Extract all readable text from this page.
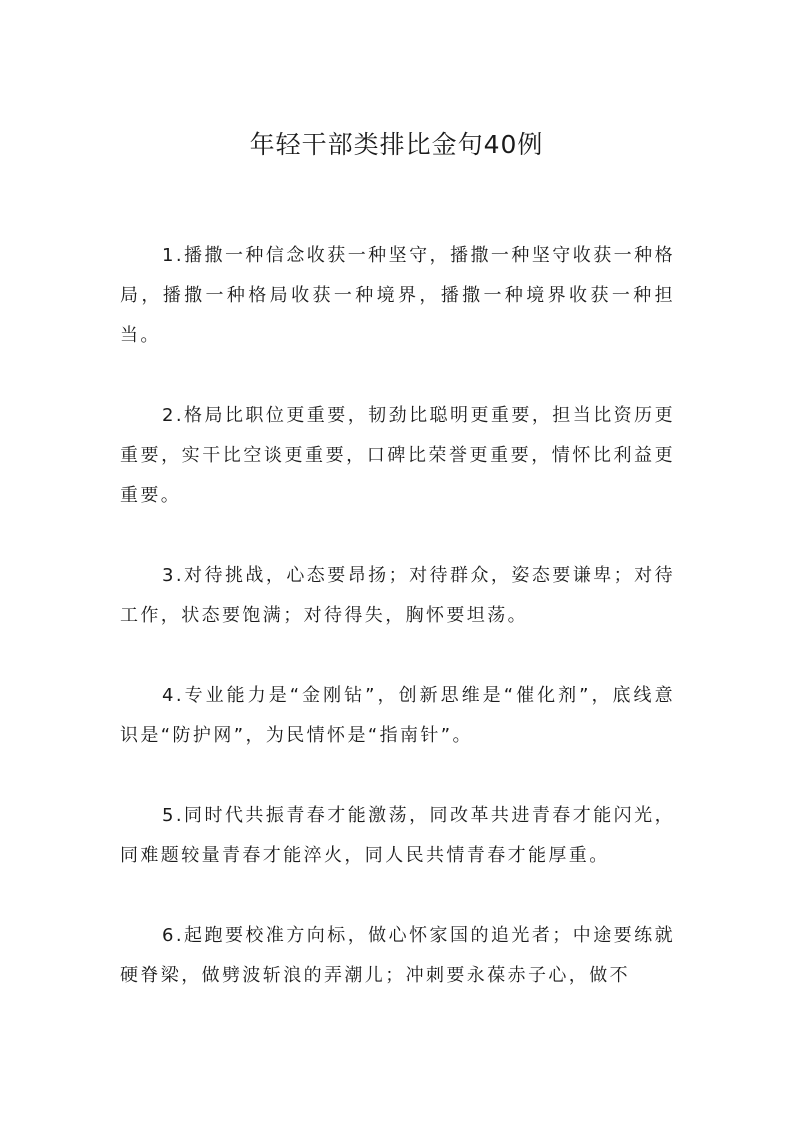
年轻干部类排比金句40例

1.播撒一种信念收获一种坚守，播撒一种坚守收获一种格局，播撒一种格局收获一种境界，播撒一种境界收获一种担当。

2.格局比职位更重要，韧劲比聪明更重要，担当比资历更重要，实干比空谈更重要，口碑比荣誉更重要，情怀比利益更重要。

3.对待挑战，心态要昂扬；对待群众，姿态要谦卑；对待工作，状态要饱满；对待得失，胸怀要坦荡。

4.专业能力是“金刚钻”，创新思维是“催化剂”，底线意识是“防护网”，为民情怀是“指南针”。

5.同时代共振青春才能激荡，同改革共进青春才能闪光，同难题较量青春才能淬火，同人民共情青春才能厚重。

6.起跑要校准方向标，做心怀家国的追光者；中途要练就硬脊梁，做劈波斩浪的弄潮儿；冲刺要永葆赤子心，做不
